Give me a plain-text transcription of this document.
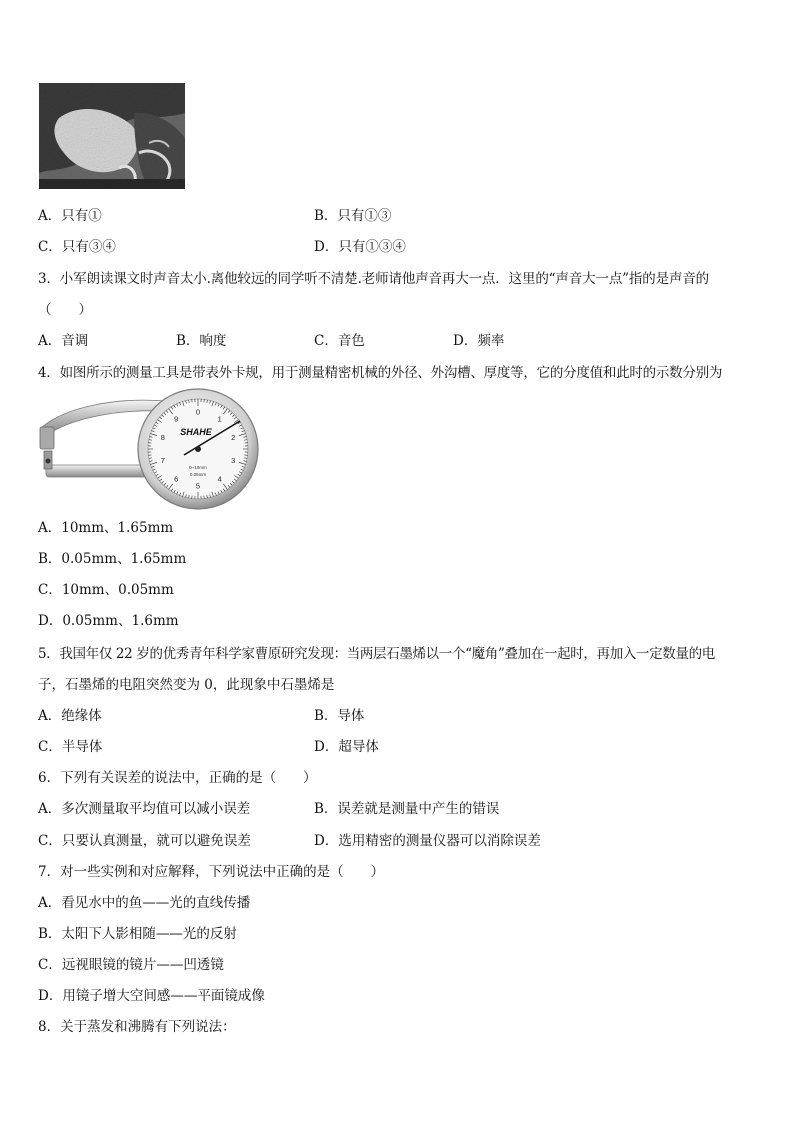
A．只有①	B．只有①③
C．只有③④	D．只有①③④
3．小军朗读课文时声音太小.离他较远的同学听不清楚.老师请他声音再大一点．这里的“声音大一点”指的是声音的
（　　）
A．音调	B．响度	C．音色	D．频率
4．如图所示的测量工具是带表外卡规，用于测量精密机械的外径、外沟槽、厚度等，它的分度值和此时的示数分别为
0
1
2
3
4
5
6
7
8
9
SHAHE
0~10mm
0.05mm
A．10mm、1.65mm
B．0.05mm、1.65mm
C．10mm、0.05mm
D．0.05mm、1.6mm
5．我国年仅 22 岁的优秀青年科学家曹原研究发现：当两层石墨烯以一个“魔角”叠加在一起时，再加入一定数量的电
子，石墨烯的电阻突然变为 0，此现象中石墨烯是
A．绝缘体	B．导体
C．半导体	D．超导体
6．下列有关误差的说法中，正确的是（　　）
A．多次测量取平均值可以减小误差	B．误差就是测量中产生的错误
C．只要认真测量，就可以避免误差	D．选用精密的测量仪器可以消除误差
7．对一些实例和对应解释，下列说法中正确的是（　　）
A．看见水中的鱼——光的直线传播
B．太阳下人影相随——光的反射
C．远视眼镜的镜片——凹透镜
D．用镜子增大空间感——平面镜成像
8．关于蒸发和沸腾有下列说法：
